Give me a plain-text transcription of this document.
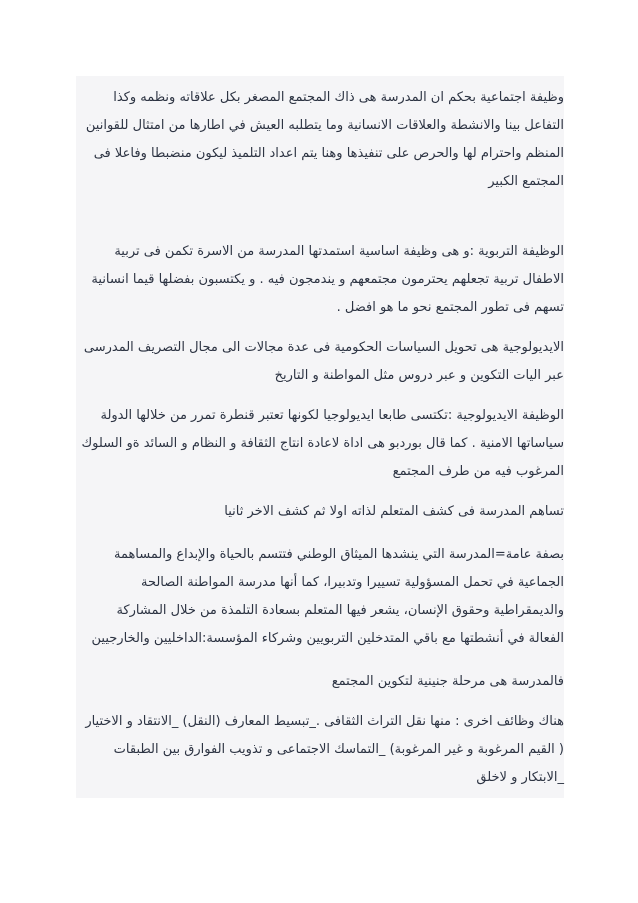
وظيفة اجتماعية بحكم ان المدرسة هى ذاك المجتمع المصغر بكل علاقاته ونظمه وكذا التفاعل بينا والانشطة والعلاقات الانسانية وما يتطلبه العيش في اطارها من امتثال للقوانين المنظم واحترام لها والحرص على تنفيذها وهنا يتم اعداد التلميذ ليكون منضبطا وفاعلا فى المجتمع الكبير

الوظيفة التربوية :و هى وظيفة اساسية استمدتها المدرسة من الاسرة تكمن فى تربية الاطفال تربية تجعلهم يحترمون مجتمعهم و يندمجون فيه . و يكتسبون بفضلها قيما انسانية تسهم فى تطور المجتمع نحو ما هو افضل .

الايديولوجية هى تحويل السياسات الحكومية فى عدة مجالات الى مجال التصريف المدرسى عبر اليات التكوين و عبر دروس مثل المواطنة و التاريخ

الوظيفة الايديولوجية :تكتسى طابعا ايديولوجيا لكونها تعتبر قنطرة تمرر من خلالها الدولة سياساتها الامنية . كما قال بوردبو هى اداة لاعادة انتاج الثقافة و النظام و السائد ةو السلوك المرغوب فيه من طرف المجتمع

تساهم المدرسة فى كشف المتعلم لذاته اولا ثم كشف الاخر ثانيا

بصفة عامة=المدرسة التي ينشدها الميثاق الوطني فتتسم بالحياة والإبداع والمساهمة الجماعية في تحمل المسؤولية تسييرا وتدبيرا، كما أنها مدرسة المواطنة الصالحة والديمقراطية وحقوق الإنسان، يشعر فيها المتعلم بسعادة التلمذة من خلال المشاركة الفعالة في أنشطتها مع باقي المتدخلين التربويين وشركاء المؤسسة:الداخليين والخارجيين

فالمدرسة هى مرحلة جنينية لتكوين المجتمع

هناك وظائف اخرى : منها نقل التراث الثقافى ._تبسيط المعارف (النقل) _الانتقاد و الاختيار ( القيم المرغوبة و غير المرغوبة) _التماسك الاجتماعى و تذويب الفوارق بين الطبقات _الابتكار و لاخلق
